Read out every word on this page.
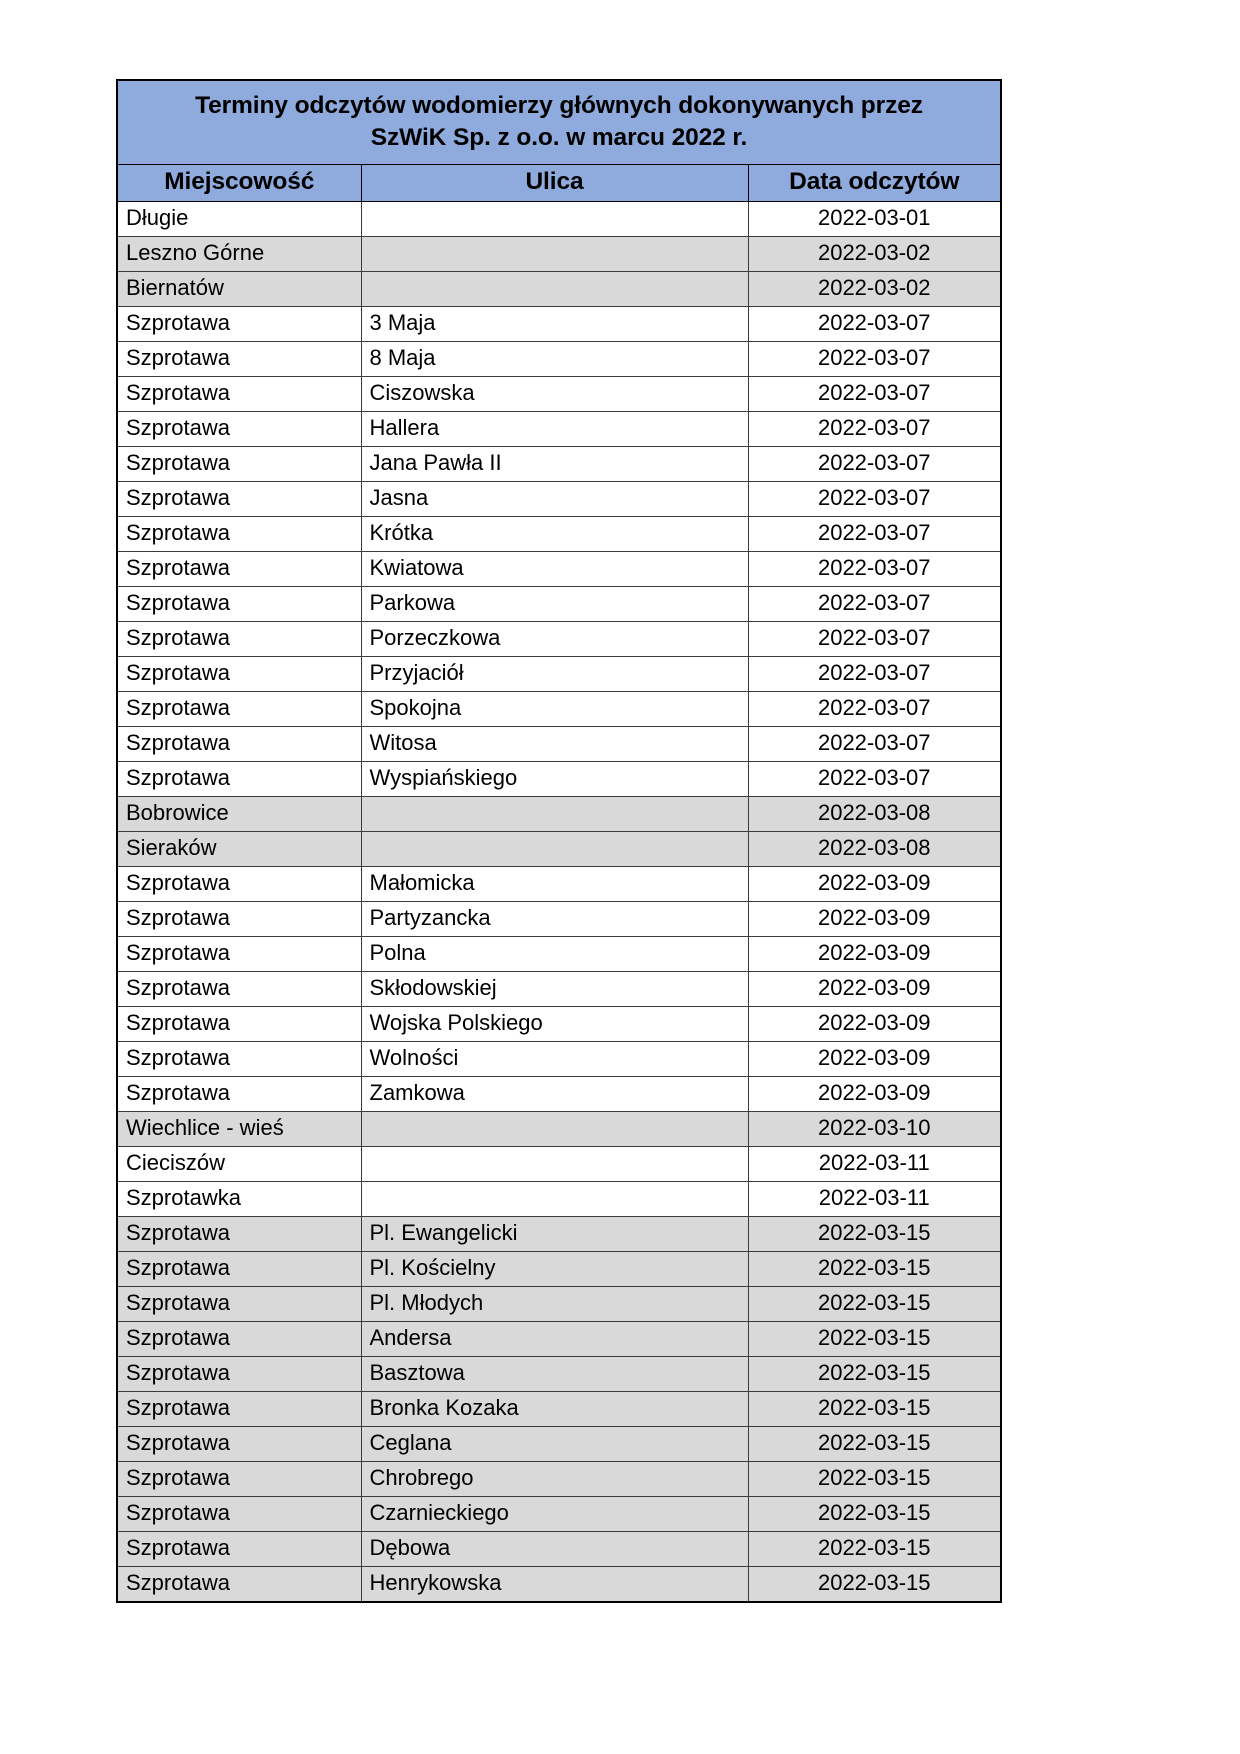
Terminy odczytów wodomierzy głównych dokonywanych przez
SzWiK Sp. z o.o. w marcu 2022 r.		
Miejscowość	Ulica	Data odczytów
Długie		2022-03-01
Leszno Górne		2022-03-02
Biernatów		2022-03-02
Szprotawa	3 Maja	2022-03-07
Szprotawa	8 Maja	2022-03-07
Szprotawa	Ciszowska	2022-03-07
Szprotawa	Hallera	2022-03-07
Szprotawa	Jana Pawła II	2022-03-07
Szprotawa	Jasna	2022-03-07
Szprotawa	Krótka	2022-03-07
Szprotawa	Kwiatowa	2022-03-07
Szprotawa	Parkowa	2022-03-07
Szprotawa	Porzeczkowa	2022-03-07
Szprotawa	Przyjaciół	2022-03-07
Szprotawa	Spokojna	2022-03-07
Szprotawa	Witosa	2022-03-07
Szprotawa	Wyspiańskiego	2022-03-07
Bobrowice		2022-03-08
Sieraków		2022-03-08
Szprotawa	Małomicka	2022-03-09
Szprotawa	Partyzancka	2022-03-09
Szprotawa	Polna	2022-03-09
Szprotawa	Skłodowskiej	2022-03-09
Szprotawa	Wojska Polskiego	2022-03-09
Szprotawa	Wolności	2022-03-09
Szprotawa	Zamkowa	2022-03-09
Wiechlice - wieś		2022-03-10
Cieciszów		2022-03-11
Szprotawka		2022-03-11
Szprotawa	Pl. Ewangelicki	2022-03-15
Szprotawa	Pl. Kościelny	2022-03-15
Szprotawa	Pl. Młodych	2022-03-15
Szprotawa	Andersa	2022-03-15
Szprotawa	Basztowa	2022-03-15
Szprotawa	Bronka Kozaka	2022-03-15
Szprotawa	Ceglana	2022-03-15
Szprotawa	Chrobrego	2022-03-15
Szprotawa	Czarnieckiego	2022-03-15
Szprotawa	Dębowa	2022-03-15
Szprotawa	Henrykowska	2022-03-15
